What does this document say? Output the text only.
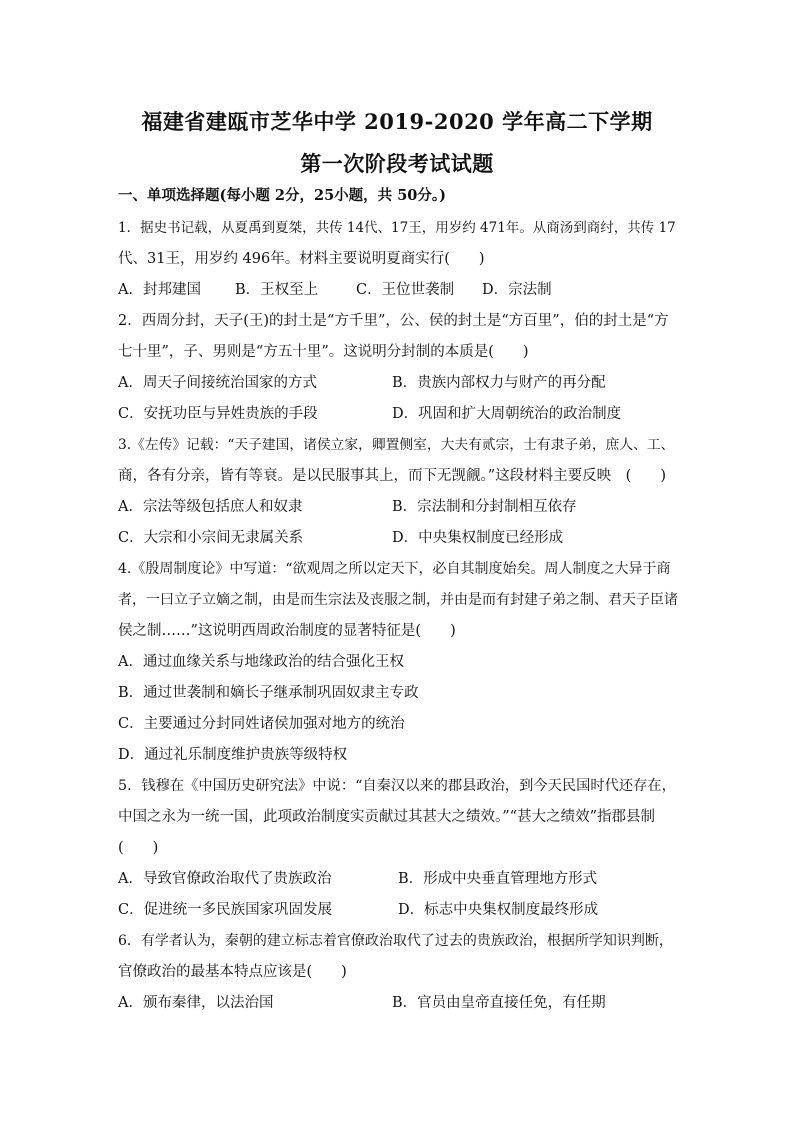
福建省建瓯市芝华中学 2019-2020 学年高二下学期
第一次阶段考试试题
一、单项选择题(每小题 2分，25小题，共 50分。)
1．据史书记载，从夏禹到夏桀，共传 14代、17王，用岁约 471年。从商汤到商纣，共传 17
代、31王，用岁约 496年。材料主要说明夏商实行(　　)
A．封邦建国 B．王权至上	C．王位世袭制 D．宗法制
2．西周分封，天子(王)的封土是“方千里”，公、侯的封土是“方百里”，伯的封土是“方
七十里”，子、男则是“方五十里”。这说明分封制的本质是(　　)
A．周天子间接统治国家的方式	B．贵族内部权力与财产的再分配
C．安抚功臣与异姓贵族的手段	D．巩固和扩大周朝统治的政治制度
3.《左传》记载：“天子建国，诸侯立家，卿置侧室，大夫有贰宗，士有隶子弟，庶人、工、
商，各有分亲，皆有等衰。是以民服事其上，而下无觊觎。”这段材料主要反映　(　　)
A．宗法等级包括庶人和奴隶	B．宗法制和分封制相互依存
C．大宗和小宗间无隶属关系	D．中央集权制度已经形成
4.《殷周制度论》中写道：“欲观周之所以定天下，必自其制度始矣。周人制度之大异于商
者，一曰立子立嫡之制，由是而生宗法及丧服之制，并由是而有封建子弟之制、君天子臣诸
侯之制……”这说明西周政治制度的显著特征是(　　)
A．通过血缘关系与地缘政治的结合强化王权
B．通过世袭制和嫡长子继承制巩固奴隶主专政
C．主要通过分封同姓诸侯加强对地方的统治
D．通过礼乐制度维护贵族等级特权
5．钱穆在《中国历史研究法》中说：“自秦汉以来的郡县政治，到今天民国时代还存在，
中国之永为一统一国，此项政治制度实贡献过其甚大之绩效。”“甚大之绩效”指郡县制
(　　)
A．导致官僚政治取代了贵族政治	B．形成中央垂直管理地方形式
C．促进统一多民族国家巩固发展	D．标志中央集权制度最终形成
6．有学者认为，秦朝的建立标志着官僚政治取代了过去的贵族政治，根据所学知识判断，
官僚政治的最基本特点应该是(　　)
A．颁布秦律，以法治国	B．官员由皇帝直接任免，有任期
